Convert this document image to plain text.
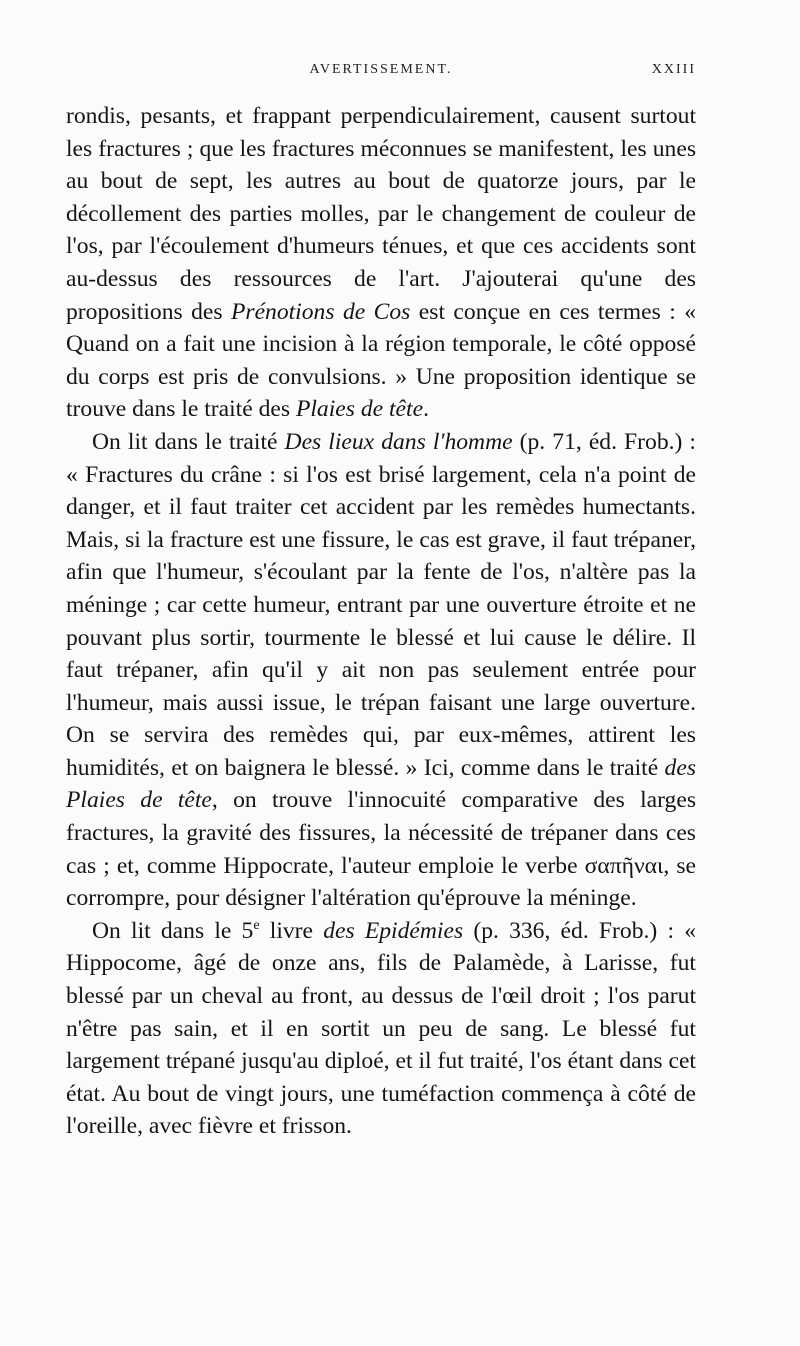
AVERTISSEMENT.	XXIII

rondis, pesants, et frappant perpendiculairement, causent surtout les fractures ; que les fractures méconnues se manifestent, les unes au bout de sept, les autres au bout de quatorze jours, par le décollement des parties molles, par le changement de couleur de l'os, par l'écoulement d'humeurs ténues, et que ces accidents sont au-dessus des ressources de l'art. J'ajouterai qu'une des propositions des Prénotions de Cos est conçue en ces termes : « Quand on a fait une incision à la région temporale, le côté opposé du corps est pris de convulsions. » Une proposition identique se trouve dans le traité des Plaies de tête.

On lit dans le traité Des lieux dans l'homme (p. 71, éd. Frob.) : « Fractures du crâne : si l'os est brisé largement, cela n'a point de danger, et il faut traiter cet accident par les remèdes humectants. Mais, si la fracture est une fissure, le cas est grave, il faut trépaner, afin que l'humeur, s'écoulant par la fente de l'os, n'altère pas la méninge ; car cette humeur, entrant par une ouverture étroite et ne pouvant plus sortir, tourmente le blessé et lui cause le délire. Il faut trépaner, afin qu'il y ait non pas seulement entrée pour l'humeur, mais aussi issue, le trépan faisant une large ouverture. On se servira des remèdes qui, par eux-mêmes, attirent les humidités, et on baignera le blessé. » Ici, comme dans le traité des Plaies de tête, on trouve l'innocuité comparative des larges fractures, la gravité des fissures, la nécessité de trépaner dans ces cas ; et, comme Hippocrate, l'auteur emploie le verbe σαπῆναι, se corrompre, pour désigner l'altération qu'éprouve la méninge.

On lit dans le 5e livre des Epidémies (p. 336, éd. Frob.) : « Hippocome, âgé de onze ans, fils de Palamède, à Larisse, fut blessé par un cheval au front, au dessus de l'œil droit ; l'os parut n'être pas sain, et il en sortit un peu de sang. Le blessé fut largement trépané jusqu'au diploé, et il fut traité, l'os étant dans cet état. Au bout de vingt jours, une tuméfaction commença à côté de l'oreille, avec fièvre et frisson.
